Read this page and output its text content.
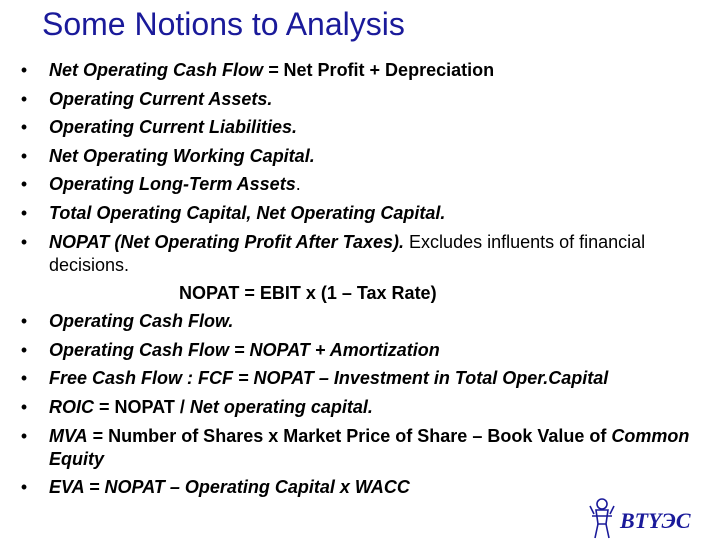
Some Notions to Analysis
• Net Operating Cash Flow = Net Profit + Depreciation
• Operating Current Assets.
• Operating Current Liabilities.
• Net Operating Working Capital.
• Operating Long-Term Assets.
• Total Operating Capital, Net Operating Capital.
• NOPAT (Net Operating Profit After Taxes). Excludes influents of financial decisions.
NOPAT = EBIT x (1 – Tax Rate)
• Operating Cash Flow.
• Operating Cash Flow = NOPAT + Amortization
• Free Cash Flow : FCF = NOPAT – Investment in Total Oper.Capital
• ROIC = NOPAT / Net operating capital.
• MVA = Number of Shares x Market Price of Share – Book Value of Common Equity
• EVA = NOPAT – Operating Capital x WACC
BTYЭC
